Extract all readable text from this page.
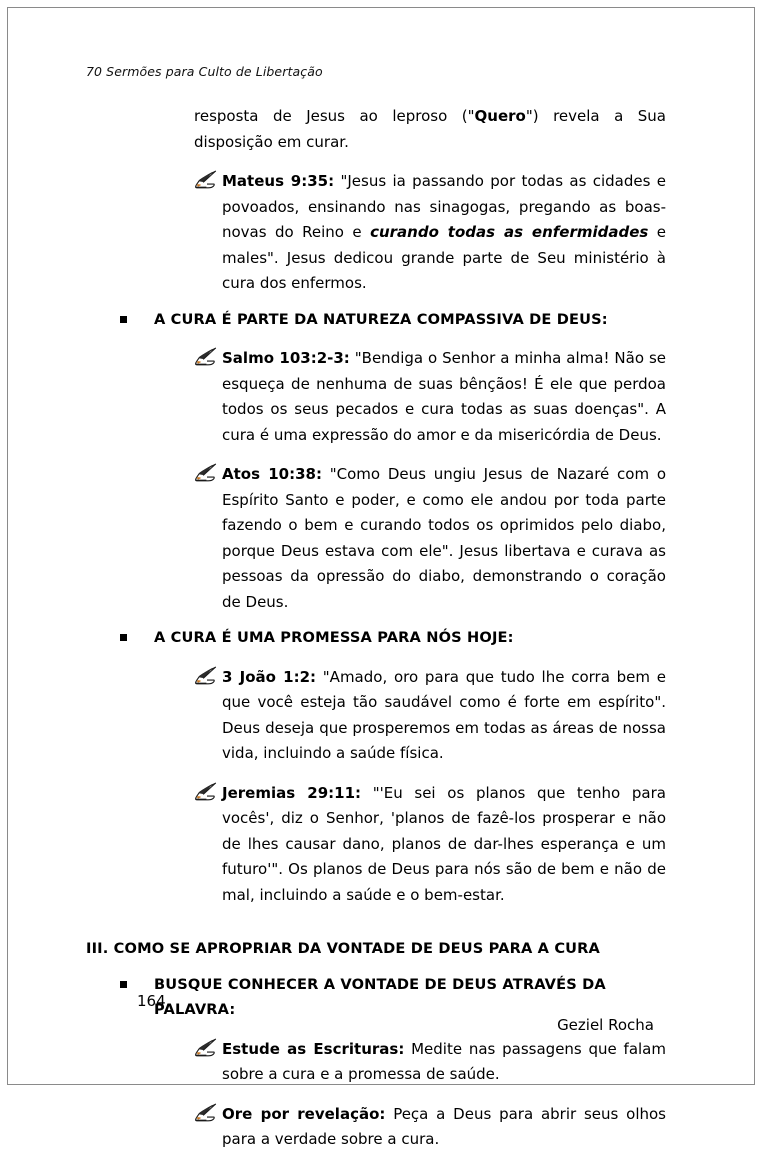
70 Sermões para Culto de Libertação

resposta de Jesus ao leproso ("Quero") revela a Sua disposição em curar.

Mateus 9:35: "Jesus ia passando por todas as cidades e povoados, ensinando nas sinagogas, pregando as boas-novas do Reino e curando todas as enfermidades e males". Jesus dedicou grande parte de Seu ministério à cura dos enfermos.
A CURA É PARTE DA NATUREZA COMPASSIVA DE DEUS:
Salmo 103:2-3: "Bendiga o Senhor a minha alma! Não se esqueça de nenhuma de suas bênçãos! É ele que perdoa todos os seus pecados e cura todas as suas doenças". A cura é uma expressão do amor e da misericórdia de Deus.
Atos 10:38: "Como Deus ungiu Jesus de Nazaré com o Espírito Santo e poder, e como ele andou por toda parte fazendo o bem e curando todos os oprimidos pelo diabo, porque Deus estava com ele". Jesus libertava e curava as pessoas da opressão do diabo, demonstrando o coração de Deus.
A CURA É UMA PROMESSA PARA NÓS HOJE:
3 João 1:2: "Amado, oro para que tudo lhe corra bem e que você esteja tão saudável como é forte em espírito". Deus deseja que prosperemos em todas as áreas de nossa vida, incluindo a saúde física.
Jeremias 29:11: "'Eu sei os planos que tenho para vocês', diz o Senhor, 'planos de fazê-los prosperar e não de lhes causar dano, planos de dar-lhes esperança e um futuro'". Os planos de Deus para nós são de bem e não de mal, incluindo a saúde e o bem-estar.
III. COMO SE APROPRIAR DA VONTADE DE DEUS PARA A CURA
BUSQUE CONHECER A VONTADE DE DEUS ATRAVÉS DA PALAVRA:
Estude as Escrituras: Medite nas passagens que falam sobre a cura e a promessa de saúde.
Ore por revelação: Peça a Deus para abrir seus olhos para a verdade sobre a cura.
164
Geziel Rocha
